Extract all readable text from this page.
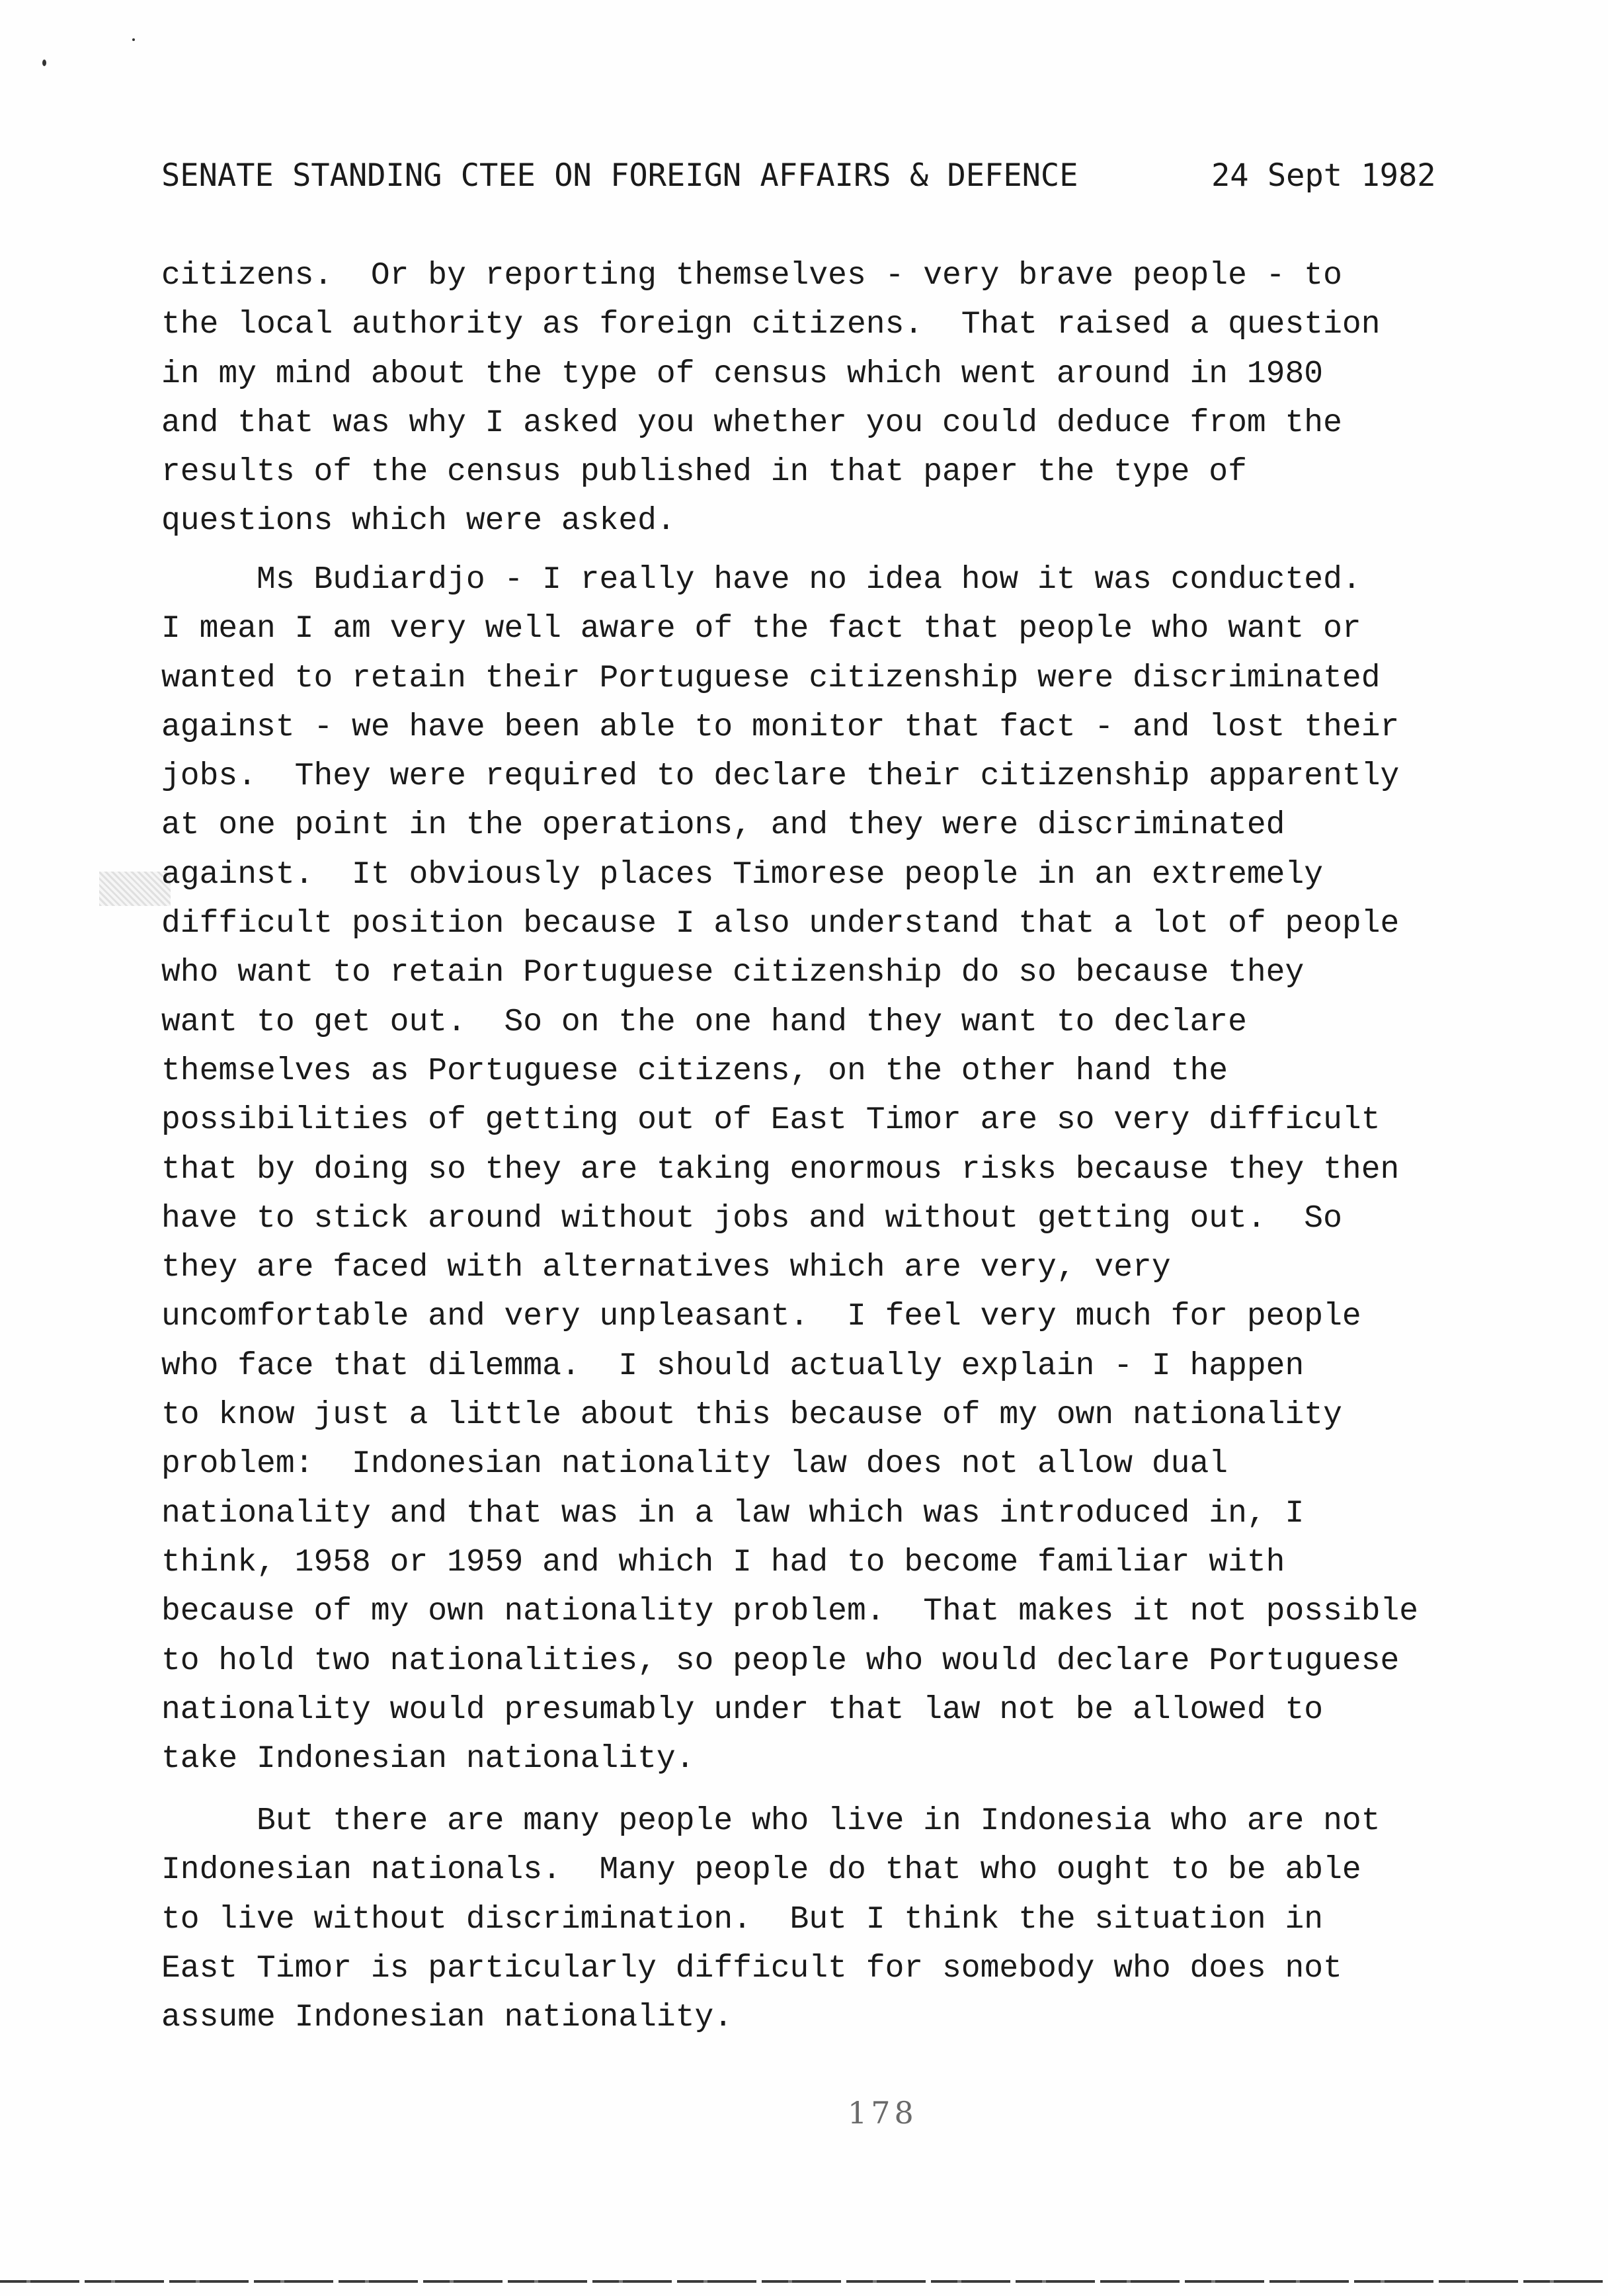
SENATE STANDING CTEE ON FOREIGN AFFAIRS & DEFENCE	24 Sept 1982
citizens.  Or by reporting themselves - very brave people - to
the local authority as foreign citizens.  That raised a question
in my mind about the type of census which went around in 1980
and that was why I asked you whether you could deduce from the
results of the census published in that paper the type of
questions which were asked.
Ms Budiardjo - I really have no idea how it was conducted.
I mean I am very well aware of the fact that people who want or
wanted to retain their Portuguese citizenship were discriminated
against - we have been able to monitor that fact - and lost their
jobs.  They were required to declare their citizenship apparently
at one point in the operations, and they were discriminated
against.  It obviously places Timorese people in an extremely
difficult position because I also understand that a lot of people
who want to retain Portuguese citizenship do so because they
want to get out.  So on the one hand they want to declare
themselves as Portuguese citizens, on the other hand the
possibilities of getting out of East Timor are so very difficult
that by doing so they are taking enormous risks because they then
have to stick around without jobs and without getting out.  So
they are faced with alternatives which are very, very
uncomfortable and very unpleasant.  I feel very much for people
who face that dilemma.  I should actually explain - I happen
to know just a little about this because of my own nationality
problem:  Indonesian nationality law does not allow dual
nationality and that was in a law which was introduced in, I
think, 1958 or 1959 and which I had to become familiar with
because of my own nationality problem.  That makes it not possible
to hold two nationalities, so people who would declare Portuguese
nationality would presumably under that law not be allowed to
take Indonesian nationality.
But there are many people who live in Indonesia who are not
Indonesian nationals.  Many people do that who ought to be able
to live without discrimination.  But I think the situation in
East Timor is particularly difficult for somebody who does not
assume Indonesian nationality.
178
